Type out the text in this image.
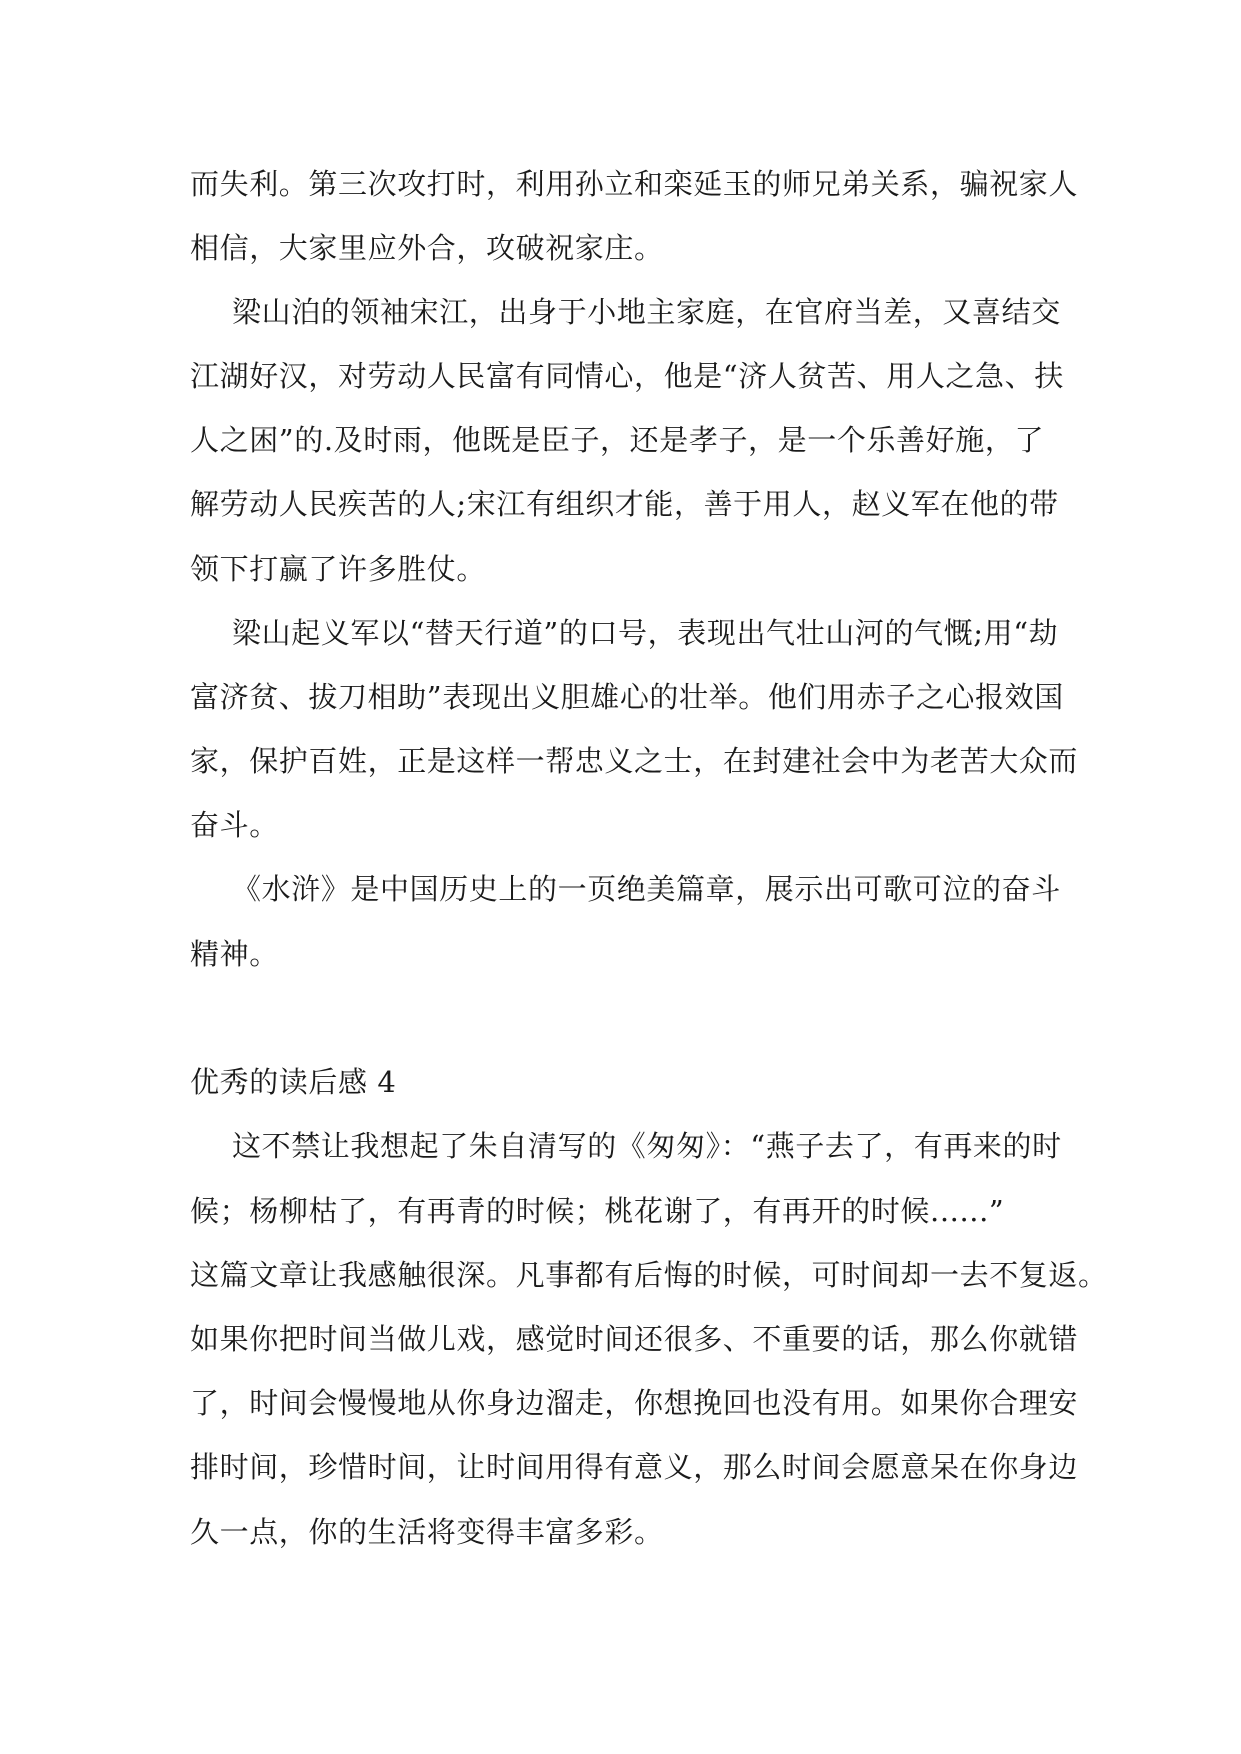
而失利。第三次攻打时，利用孙立和栾延玉的师兄弟关系，骗祝家人
相信，大家里应外合，攻破祝家庄。
梁山泊的领袖宋江，出身于小地主家庭，在官府当差，又喜结交
江湖好汉，对劳动人民富有同情心，他是“济人贫苦、用人之急、扶
人之困”的.及时雨，他既是臣子，还是孝子，是一个乐善好施，了
解劳动人民疾苦的人;宋江有组织才能，善于用人，赵义军在他的带
领下打赢了许多胜仗。
梁山起义军以“替天行道”的口号，表现出气壮山河的气慨;用“劫
富济贫、拔刀相助”表现出义胆雄心的壮举。他们用赤子之心报效国
家，保护百姓，正是这样一帮忠义之士，在封建社会中为老苦大众而
奋斗。
《水浒》是中国历史上的一页绝美篇章，展示出可歌可泣的奋斗
精神。
优秀的读后感 4
这不禁让我想起了朱自清写的《匆匆》：“燕子去了，有再来的时
候；杨柳枯了，有再青的时候；桃花谢了，有再开的时候......”
这篇文章让我感触很深。凡事都有后悔的时候，可时间却一去不复返。
如果你把时间当做儿戏，感觉时间还很多、不重要的话，那么你就错
了，时间会慢慢地从你身边溜走，你想挽回也没有用。如果你合理安
排时间，珍惜时间，让时间用得有意义，那么时间会愿意呆在你身边
久一点，你的生活将变得丰富多彩。
